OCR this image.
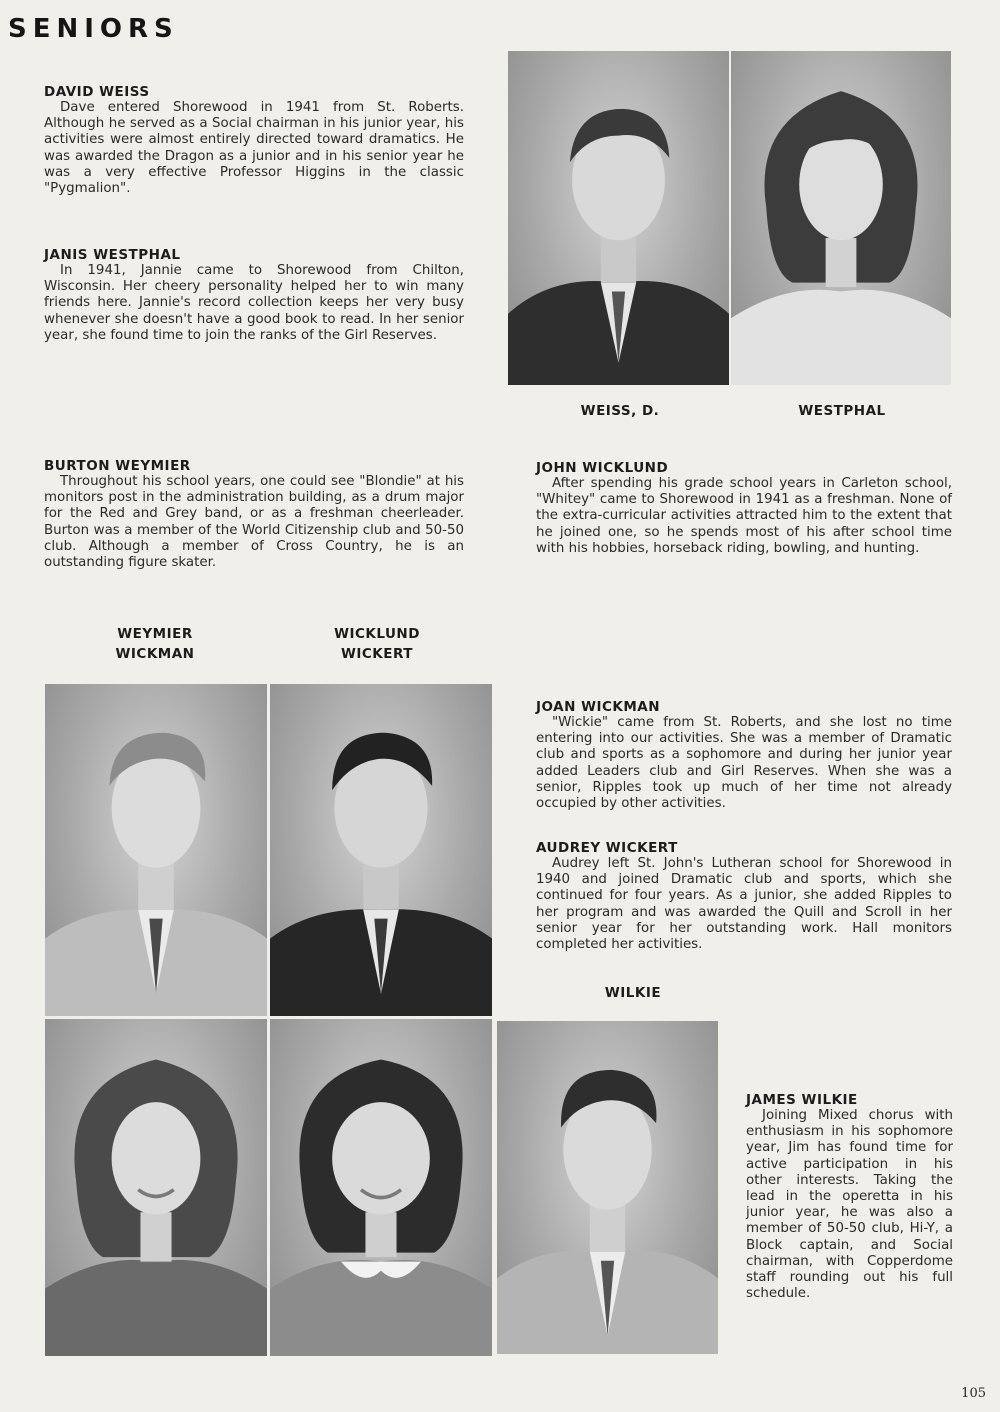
SENIORS
DAVID WEISS

Dave entered Shorewood in 1941 from St. Roberts. Although he served as a Social chairman in his junior year, his activities were almost entirely directed toward dramatics. He was awarded the Dragon as a junior and in his senior year he was a very effective Professor Higgins in the classic "Pygmalion".

JANIS WESTPHAL

In 1941, Jannie came to Shorewood from Chilton, Wisconsin. Her cheery personality helped her to win many friends here. Jannie's record collection keeps her very busy whenever she doesn't have a good book to read. In her senior year, she found time to join the ranks of the Girl Reserves.

WEISS, D.	WESTPHAL
BURTON WEYMIER

Throughout his school years, one could see "Blondie" at his monitors post in the administration building, as a drum major for the Red and Grey band, or as a freshman cheerleader. Burton was a member of the World Citizenship club and 50-50 club. Although a member of Cross Country, he is an outstanding figure skater.

JOHN WICKLUND

After spending his grade school years in Carleton school, "Whitey" came to Shorewood in 1941 as a freshman. None of the extra-curricular activities attracted him to the extent that he joined one, so he spends most of his after school time with his hobbies, horseback riding, bowling, and hunting.

WEYMIER
WICKMAN
WICKLUND
WICKERT
JOAN WICKMAN

"Wickie" came from St. Roberts, and she lost no time entering into our activities. She was a member of Dramatic club and sports as a sophomore and during her junior year added Leaders club and Girl Reserves. When she was a senior, Ripples took up much of her time not already occupied by other activities.

AUDREY WICKERT

Audrey left St. John's Lutheran school for Shorewood in 1940 and joined Dramatic club and sports, which she continued for four years. As a junior, she added Ripples to her program and was awarded the Quill and Scroll in her senior year for her outstanding work. Hall monitors completed her activities.

WILKIE
JAMES WILKIE

Joining Mixed chorus with enthusiasm in his sophomore year, Jim has found time for active participation in his other interests. Taking the lead in the operetta in his junior year, he was also a member of 50-50 club, Hi-Y, a Block captain, and Social chairman, with Copperdome staff rounding out his full schedule.

105
